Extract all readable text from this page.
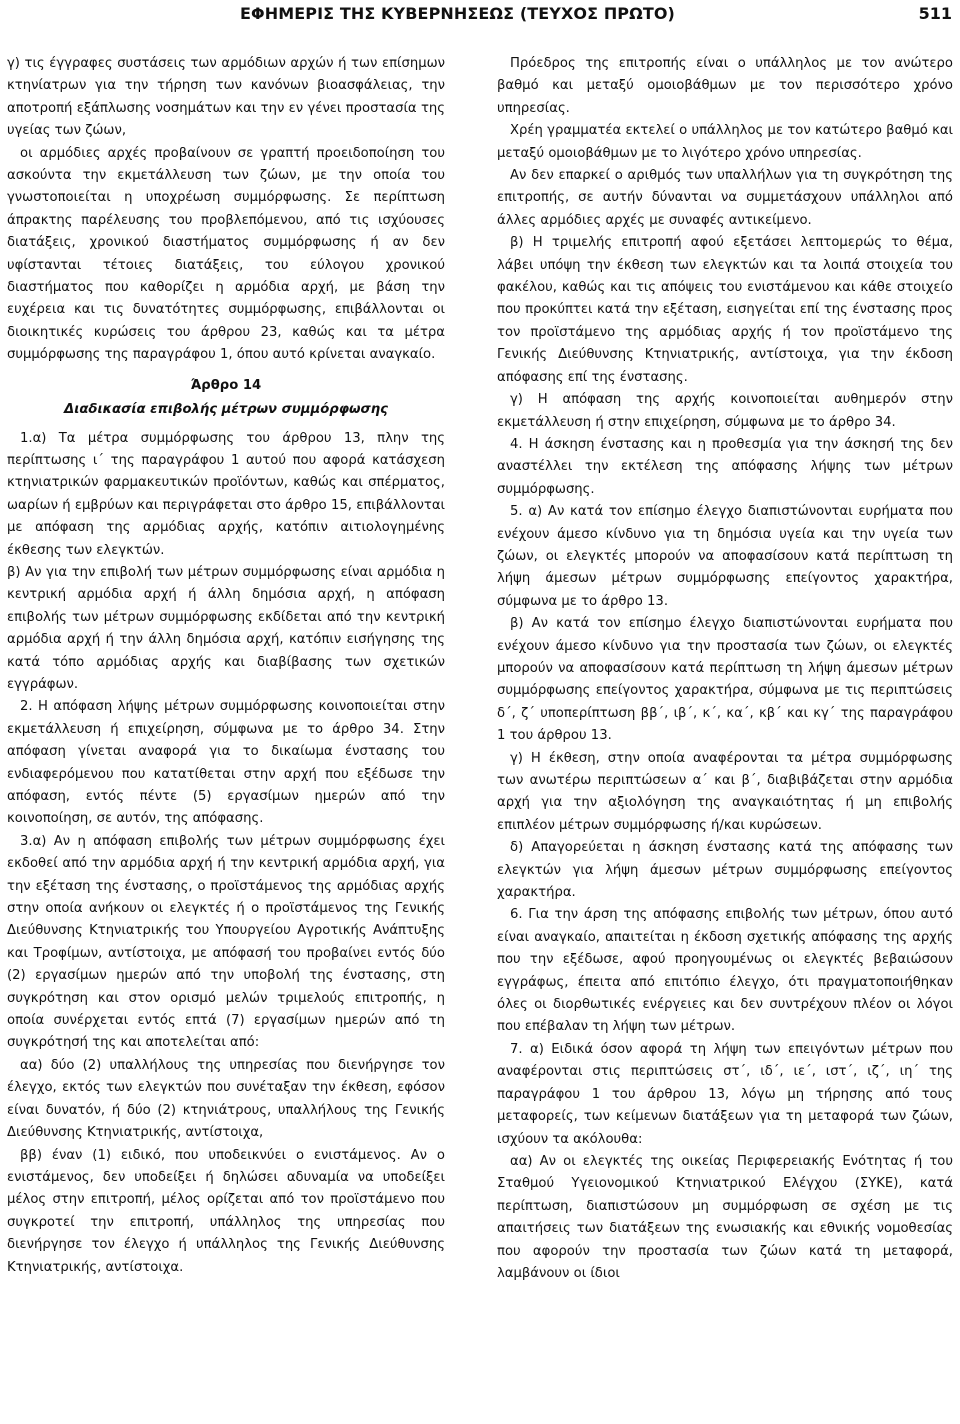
ΕΦΗΜΕΡΙΣ ΤΗΣ ΚΥΒΕΡΝΗΣΕΩΣ (ΤΕΥΧΟΣ ΠΡΩΤΟ)	511

γ) τις έγγραφες συστάσεις των αρμόδιων αρχών ή των επίσημων κτηνίατρων για την τήρηση των κανόνων βιοασφάλειας, την αποτροπή εξάπλωσης νοσημάτων και την εν γένει προστασία της υγείας των ζώων,

οι αρμόδιες αρχές προβαίνουν σε γραπτή προειδοποίηση του ασκούντα την εκμετάλλευση των ζώων, με την οποία του γνωστοποιείται η υποχρέωση συμμόρφωσης. Σε περίπτωση άπρακτης παρέλευσης του προβλεπόμενου, από τις ισχύουσες διατάξεις, χρονικού διαστήματος συμμόρφωσης ή αν δεν υφίστανται τέτοιες διατάξεις, του εύλογου χρονικού διαστήματος που καθορίζει η αρμόδια αρχή, με βάση την ευχέρεια και τις δυνατότητες συμμόρφωσης, επιβάλλονται οι διοικητικές κυρώσεις του άρθρου 23, καθώς και τα μέτρα συμμόρφωσης της παραγράφου 1, όπου αυτό κρίνεται αναγκαίο.

Άρθρο 14

Διαδικασία επιβολής μέτρων συμμόρφωσης

1.α) Τα μέτρα συμμόρφωσης του άρθρου 13, πλην της περίπτωσης ι΄ της παραγράφου 1 αυτού που αφορά κατάσχεση κτηνιατρικών φαρμακευτικών προϊόντων, καθώς και σπέρματος, ωαρίων ή εμβρύων και περιγράφεται στο άρθρο 15, επιβάλλονται με απόφαση της αρμόδιας αρχής, κατόπιν αιτιολογημένης έκθεσης των ελεγκτών.

β) Αν για την επιβολή των μέτρων συμμόρφωσης είναι αρμόδια η κεντρική αρμόδια αρχή ή άλλη δημόσια αρχή, η απόφαση επιβολής των μέτρων συμμόρφωσης εκδίδεται από την κεντρική αρμόδια αρχή ή την άλλη δημόσια αρχή, κατόπιν εισήγησης της κατά τόπο αρμόδιας αρχής και διαβίβασης των σχετικών εγγράφων.

2. Η απόφαση λήψης μέτρων συμμόρφωσης κοινοποιείται στην εκμετάλλευση ή επιχείρηση, σύμφωνα με το άρθρο 34. Στην απόφαση γίνεται αναφορά για το δικαίωμα ένστασης του ενδιαφερόμενου που κατατίθεται στην αρχή που εξέδωσε την απόφαση, εντός πέντε (5) εργασίμων ημερών από την κοινοποίηση, σε αυτόν, της απόφασης.

3.α) Αν η απόφαση επιβολής των μέτρων συμμόρφωσης έχει εκδοθεί από την αρμόδια αρχή ή την κεντρική αρμόδια αρχή, για την εξέταση της ένστασης, ο προϊστάμενος της αρμόδιας αρχής στην οποία ανήκουν οι ελεγκτές ή ο προϊστάμενος της Γενικής Διεύθυνσης Κτηνιατρικής του Υπουργείου Αγροτικής Ανάπτυξης και Τροφίμων, αντίστοιχα, με απόφασή του προβαίνει εντός δύο (2) εργασίμων ημερών από την υποβολή της ένστασης, στη συγκρότηση και στον ορισμό μελών τριμελούς επιτροπής, η οποία συνέρχεται εντός επτά (7) εργασίμων ημερών από τη συγκρότησή της και αποτελείται από:

αα) δύο (2) υπαλλήλους της υπηρεσίας που διενήργησε τον έλεγχο, εκτός των ελεγκτών που συνέταξαν την έκθεση, εφόσον είναι δυνατόν, ή δύο (2) κτηνιάτρους, υπαλλήλους της Γενικής Διεύθυνσης Κτηνιατρικής, αντίστοιχα,

ββ) έναν (1) ειδικό, που υποδεικνύει ο ενιστάμενος. Αν ο ενιστάμενος, δεν υποδείξει ή δηλώσει αδυναμία να υποδείξει μέλος στην επιτροπή, μέλος ορίζεται από τον προϊστάμενο που συγκροτεί την επιτροπή, υπάλληλος της υπηρεσίας που διενήργησε τον έλεγχο ή υπάλληλος της Γενικής Διεύθυνσης Κτηνιατρικής, αντίστοιχα.

Πρόεδρος της επιτροπής είναι ο υπάλληλος με τον ανώτερο βαθμό και μεταξύ ομοιοβάθμων με τον περισσότερο χρόνο υπηρεσίας.

Χρέη γραμματέα εκτελεί ο υπάλληλος με τον κατώτερο βαθμό και μεταξύ ομοιοβάθμων με το λιγότερο χρόνο υπηρεσίας.

Αν δεν επαρκεί ο αριθμός των υπαλλήλων για τη συγκρότηση της επιτροπής, σε αυτήν δύνανται να συμμετάσχουν υπάλληλοι από άλλες αρμόδιες αρχές με συναφές αντικείμενο.

β) Η τριμελής επιτροπή αφού εξετάσει λεπτομερώς το θέμα, λάβει υπόψη την έκθεση των ελεγκτών και τα λοιπά στοιχεία του φακέλου, καθώς και τις απόψεις του ενιστάμενου και κάθε στοιχείο που προκύπτει κατά την εξέταση, εισηγείται επί της ένστασης προς τον προϊστάμενο της αρμόδιας αρχής ή τον προϊστάμενο της Γενικής Διεύθυνσης Κτηνιατρικής, αντίστοιχα, για την έκδοση απόφασης επί της ένστασης.

γ) Η απόφαση της αρχής κοινοποιείται αυθημερόν στην εκμετάλλευση ή στην επιχείρηση, σύμφωνα με το άρθρο 34.

4. Η άσκηση ένστασης και η προθεσμία για την άσκησή της δεν αναστέλλει την εκτέλεση της απόφασης λήψης των μέτρων συμμόρφωσης.

5. α) Αν κατά τον επίσημο έλεγχο διαπιστώνονται ευρήματα που ενέχουν άμεσο κίνδυνο για τη δημόσια υγεία και την υγεία των ζώων, οι ελεγκτές μπορούν να αποφασίσουν κατά περίπτωση τη λήψη άμεσων μέτρων συμμόρφωσης επείγοντος χαρακτήρα, σύμφωνα με το άρθρο 13.

β) Αν κατά τον επίσημο έλεγχο διαπιστώνονται ευρήματα που ενέχουν άμεσο κίνδυνο για την προστασία των ζώων, οι ελεγκτές μπορούν να αποφασίσουν κατά περίπτωση τη λήψη άμεσων μέτρων συμμόρφωσης επείγοντος χαρακτήρα, σύμφωνα με τις περιπτώσεις δ΄, ζ΄ υποπερίπτωση ββ΄, ιβ΄, κ΄, κα΄, κβ΄ και κγ΄ της παραγράφου 1 του άρθρου 13.

γ) Η έκθεση, στην οποία αναφέρονται τα μέτρα συμμόρφωσης των ανωτέρω περιπτώσεων α΄ και β΄, διαβιβάζεται στην αρμόδια αρχή για την αξιολόγηση της αναγκαιότητας ή μη επιβολής επιπλέον μέτρων συμμόρφωσης ή/και κυρώσεων.

δ) Απαγορεύεται η άσκηση ένστασης κατά της απόφασης των ελεγκτών για λήψη άμεσων μέτρων συμμόρφωσης επείγοντος χαρακτήρα.

6. Για την άρση της απόφασης επιβολής των μέτρων, όπου αυτό είναι αναγκαίο, απαιτείται η έκδοση σχετικής απόφασης της αρχής που την εξέδωσε, αφού προηγουμένως οι ελεγκτές βεβαιώσουν εγγράφως, έπειτα από επιτόπιο έλεγχο, ότι πραγματοποιήθηκαν όλες οι διορθωτικές ενέργειες και δεν συντρέχουν πλέον οι λόγοι που επέβαλαν τη λήψη των μέτρων.

7. α) Ειδικά όσον αφορά τη λήψη των επειγόντων μέτρων που αναφέρονται στις περιπτώσεις στ΄, ιδ΄, ιε΄, ιστ΄, ιζ΄, ιη΄ της παραγράφου 1 του άρθρου 13, λόγω μη τήρησης από τους μεταφορείς, των κείμενων διατάξεων για τη μεταφορά των ζώων, ισχύουν τα ακόλουθα:

αα) Αν οι ελεγκτές της οικείας Περιφερειακής Ενότητας ή του Σταθμού Υγειονομικού Κτηνιατρικού Ελέγχου (ΣΥΚΕ), κατά περίπτωση, διαπιστώσουν μη συμμόρφωση σε σχέση με τις απαιτήσεις των διατάξεων της ενωσιακής και εθνικής νομοθεσίας που αφορούν την προστασία των ζώων κατά τη μεταφορά, λαμβάνουν οι ίδιοι
